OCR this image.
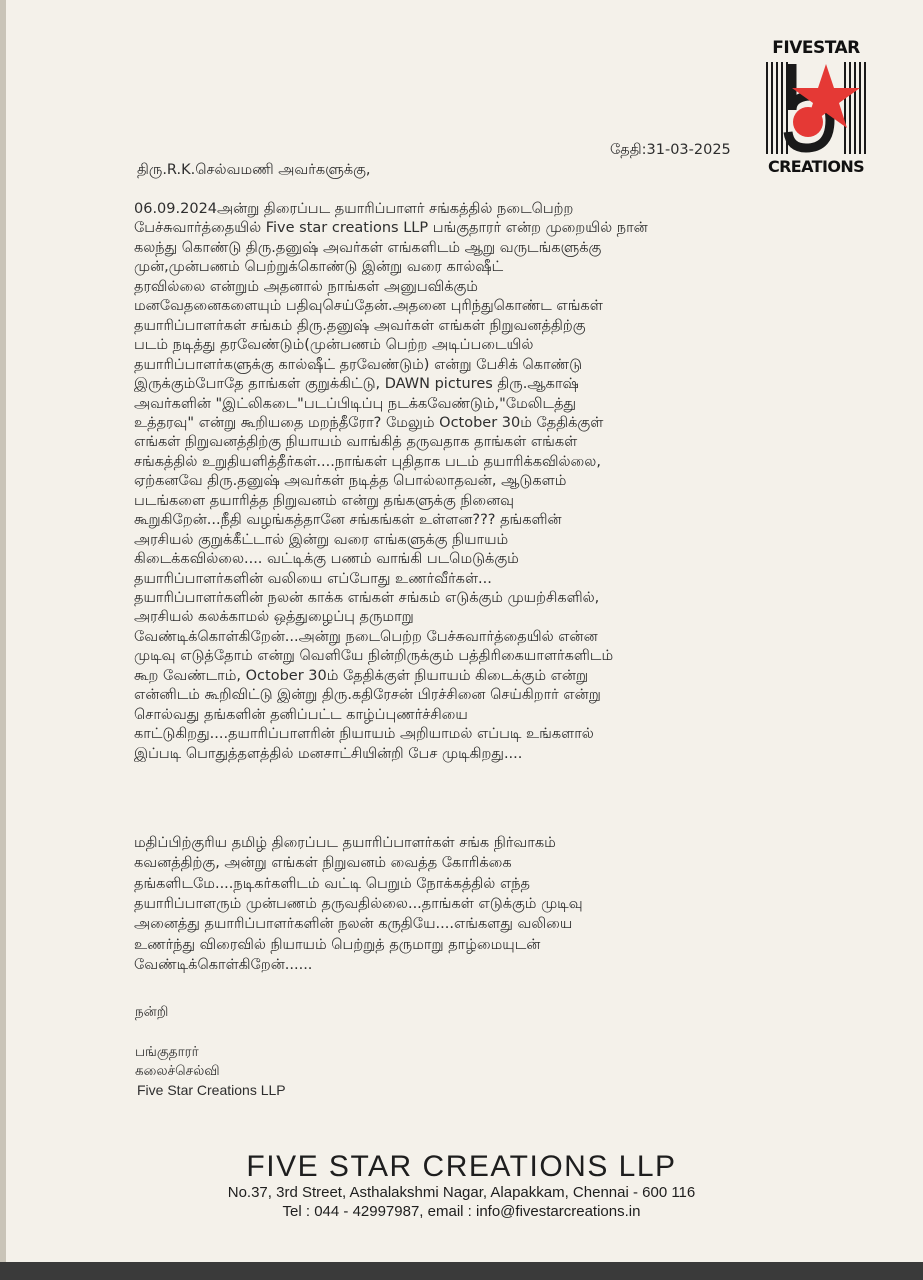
FIVESTAR
CREATIONS
தேதி:31-03-2025
திரு.R.K.செல்வமணி அவர்களுக்கு,
06.09.2024அன்று திரைப்பட தயாரிப்பாளர் சங்கத்தில் நடைபெற்ற
பேச்சுவார்த்தையில் Five star creations LLP பங்குதாரர் என்ற முறையில் நான்
கலந்து கொண்டு திரு.தனுஷ் அவர்கள் எங்களிடம் ஆறு வருடங்களுக்கு
முன்,முன்பணம் பெற்றுக்கொண்டு இன்று வரை கால்ஷீட்
தரவில்லை என்றும் அதனால் நாங்கள் அனுபவிக்கும்
மனவேதனைகளையும் பதிவுசெய்தேன்.அதனை புரிந்துகொண்ட எங்கள்
தயாரிப்பாளர்கள் சங்கம் திரு.தனுஷ் அவர்கள் எங்கள் நிறுவனத்திற்கு
படம் நடித்து தரவேண்டும்(முன்பணம் பெற்ற அடிப்படையில்
தயாரிப்பாளர்களுக்கு கால்ஷீட் தரவேண்டும்) என்று பேசிக் கொண்டு
இருக்கும்போதே தாங்கள் குறுக்கிட்டு, DAWN pictures திரு.ஆகாஷ்
அவர்களின் "இட்லிகடை"படப்பிடிப்பு நடக்கவேண்டும்,"மேலிடத்து
உத்தரவு" என்று கூறியதை மறந்தீரோ? மேலும் October 30ம் தேதிக்குள்
எங்கள் நிறுவனத்திற்கு நியாயம் வாங்கித் தருவதாக தாங்கள் எங்கள்
சங்கத்தில் உறுதியளித்தீர்கள்....நாங்கள் புதிதாக படம் தயாரிக்கவில்லை,
ஏற்கனவே திரு.தனுஷ் அவர்கள் நடித்த பொல்லாதவன், ஆடுகளம்
படங்களை தயாரித்த நிறுவனம் என்று தங்களுக்கு நினைவு
கூறுகிறேன்...நீதி வழங்கத்தானே சங்கங்கள் உள்ளன??? தங்களின்
அரசியல் குறுக்கீட்டால் இன்று வரை எங்களுக்கு நியாயம்
கிடைக்கவில்லை.... வட்டிக்கு பணம் வாங்கி படமெடுக்கும்
தயாரிப்பாளர்களின் வலியை எப்போது உணர்வீர்கள்...
தயாரிப்பாளர்களின் நலன் காக்க எங்கள் சங்கம் எடுக்கும் முயற்சிகளில்,
அரசியல் கலக்காமல் ஒத்துழைப்பு தருமாறு
வேண்டிக்கொள்கிறேன்...அன்று நடைபெற்ற பேச்சுவார்த்தையில் என்ன
முடிவு எடுத்தோம் என்று வெளியே நின்றிருக்கும் பத்திரிகையாளர்களிடம்
கூற வேண்டாம், October 30ம் தேதிக்குள் நியாயம் கிடைக்கும் என்று
என்னிடம் கூறிவிட்டு இன்று திரு.கதிரேசன் பிரச்சினை செய்கிறார் என்று
சொல்வது தங்களின் தனிப்பட்ட காழ்ப்புணர்ச்சியை
காட்டுகிறது....தயாரிப்பாளரின் நியாயம் அறியாமல் எப்படி உங்களால்
இப்படி பொதுத்தளத்தில் மனசாட்சியின்றி பேச முடிகிறது....
மதிப்பிற்குரிய தமிழ் திரைப்பட தயாரிப்பாளர்கள் சங்க நிர்வாகம்
கவனத்திற்கு, அன்று எங்கள் நிறுவனம் வைத்த கோரிக்கை
தங்களிடமே....நடிகர்களிடம் வட்டி பெறும் நோக்கத்தில் எந்த
தயாரிப்பாளரும் முன்பணம் தருவதில்லை...தாங்கள் எடுக்கும் முடிவு
அனைத்து தயாரிப்பாளர்களின் நலன் கருதியே....எங்களது வலியை
உணர்ந்து விரைவில் நியாயம் பெற்றுத் தருமாறு தாழ்மையுடன்
வேண்டிக்கொள்கிறேன்......
நன்றி
பங்குதாரர்
கலைச்செல்வி
Five Star Creations LLP
FIVE STAR CREATIONS LLP
No.37, 3rd Street, Asthalakshmi Nagar, Alapakkam, Chennai - 600 116
Tel : 044 - 42997987, email : info@fivestarcreations.in
